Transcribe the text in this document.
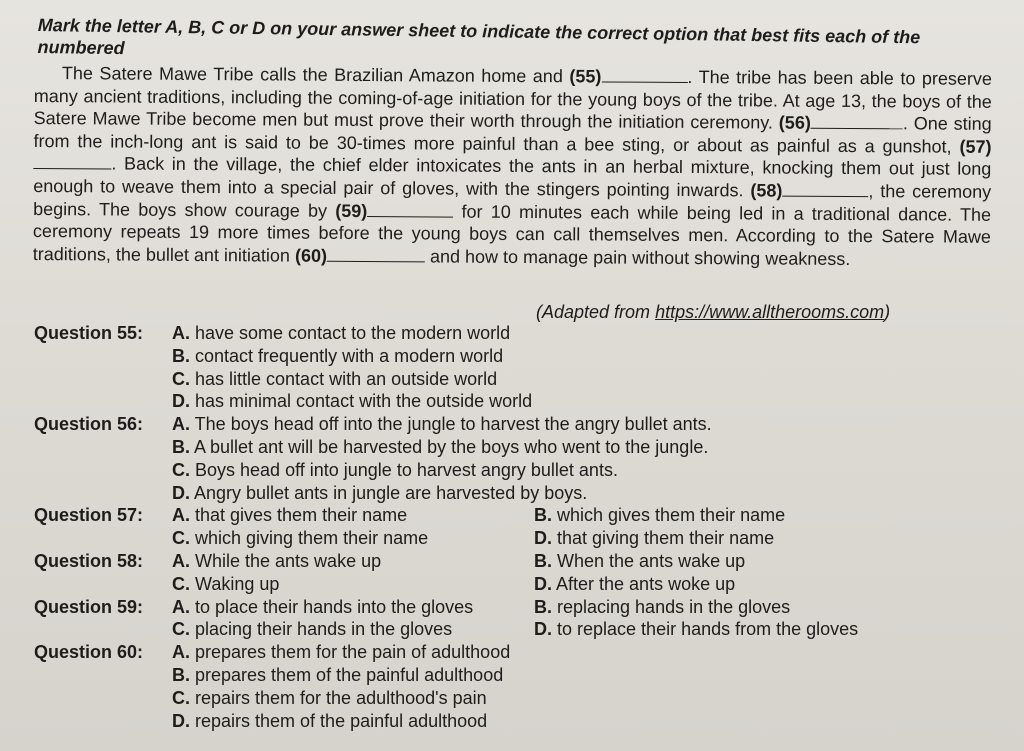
Mark the letter A, B, C or D on your answer sheet to indicate the correct option that best fits each of the numbered

The Satere Mawe Tribe calls the Brazilian Amazon home and (55)	. The tribe has been able to preserve many ancient traditions, including the coming-of-age initiation for the young boys of the tribe. At age 13, the boys of the Satere Mawe Tribe become men but must prove their worth through the initiation ceremony. (56)	. One sting from the inch-long ant is said to be 30-times more painful than a bee sting, or about as painful as a gunshot, (57). Back in the village, the chief elder intoxicates the ants in an herbal mixture, knocking them out just long enough to weave them into a special pair of gloves, with the stingers pointing inwards. (58)	, the ceremony begins. The boys show courage by (59)	for 10 minutes each while being led in a traditional dance. The ceremony repeats 19 more times before the young boys can call themselves men. According to the Satere Mawe traditions, the bullet ant initiation (60)	and how to manage pain without showing weakness.

(Adapted from https://www.alltherooms.com)
Question 55: A. have some contact to the modern world
B. contact frequently with a modern world
C. has little contact with an outside world
D. has minimal contact with the outside world
Question 56: A. The boys head off into the jungle to harvest the angry bullet ants.
B. A bullet ant will be harvested by the boys who went to the jungle.
C. Boys head off into jungle to harvest angry bullet ants.
D. Angry bullet ants in jungle are harvested by boys.
Question 57: A. that gives them their name	B. which gives them their name
C. which giving them their name	D. that giving them their name
Question 58: A. While the ants wake up	B. When the ants wake up
C. Waking up	D. After the ants woke up
Question 59: A. to place their hands into the gloves	B. replacing hands in the gloves
C. placing their hands in the gloves	D. to replace their hands from the gloves
Question 60: A. prepares them for the pain of adulthood
B. prepares them of the painful adulthood
C. repairs them for the adulthood's pain
D. repairs them of the painful adulthood
